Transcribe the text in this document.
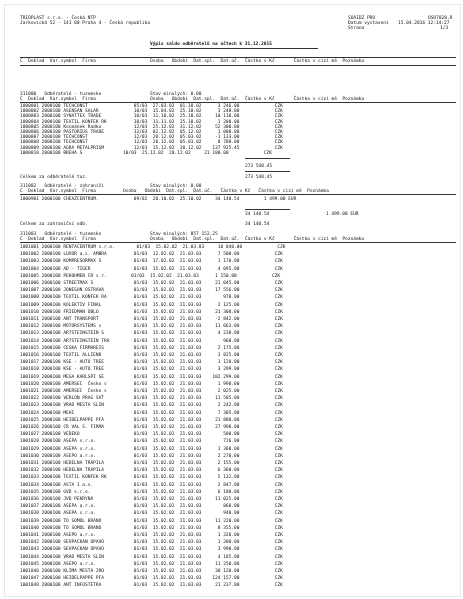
TRIOPLAST s.r.o. - Česká NTP
Jarkovická 52 - 141 00 Praha 4 - Česká republika
SOAIDZ PRO	OSO7828.R
Datum vystavení 15.04.2016 12:14:27
Strana	1/3
Výpis saldo odběratelů na účtech k 31.12.2015
C  Doklad  Var.symbol  Firma                    Osoba   Období  Dat.spl.  Dat.úč.  Částka v Kč       Částka v cizí mě  Poznámka
311000   Odběratelé - tuzemsko	Stav minulých: 0.00
C  Doklad  Var.symbol  Firma                    Osoba   Období  Dat.spl.  Dat.úč.  Částka v Kč       Částka v cizí mě  Poznámka
1000801 2000100 TECHCONST                 05/03  27.03.02  01.10.02      3 246.00             CZK
1000802 2000100 ASENSAN SALAR             10/03  15.04.02  25.10.02      3 248.00             CZK
1000803 2000100 SYNATTEX TRADE            10/03  11.10.02  25.10.02     10 110.00             CZK
1000804 2000100 TEXTIL KONFEK RK          10/03  11.11.02  25.10.02      1 200.00             CZK
1000805 2000100 Kocmánek Radko            12/03  25.12.02  31.12.02     52 300.00             CZK
1000806 2000100 PASTORIUS TRADE           12/03  02.12.02  05.12.02      1 000.00             CZK
1000807 2000100 TECHCONST                 12/03  28.12.02  05.03.02     -1 133.00             CZK
1000808 2000100 TECHCONST                 12/03  28.12.02  05.03.02      8 780.00             CZK
1000809 2000100 AGRA METALPRISM           12/03  15.12.02  20.12.02    137 925.45             CZK
1000810 2000100 BREHA S               10/03  25.12.02  20.12.02     21 180.00             CZK
273 540.45
Celkem za odběratelé tuz.	273 540.45
311002   Odběratelé - zahraničí	Stav minulých: 0.00
C  Doklad  Var.symbol  Firma          Osoba   Období  Dat.spl.  Dat.úč.   Částka v Kč   Částka v cizí mě  Poznámka
1000901 2000100 CHEAZCENTRUM.             09/02  20.10.02  25.10.02     34 140.54         1 499.00 EUR
34 140.54	1 499.00 EUR
Celkem za zahraniční odb.	34 140.54
311003   Odběratelé - tuzemsko	Stav minulých: 857 152.25
C  Doklad  Var.symbol  Firma                    Osoba   Období  Dat.spl.  Dat.úč.  Částka v Kč       Částka v cizí mě  Poznámka
1001001 2000100 RENTACENTRUM s.r.o.        01/03  15.02.02  21.03.03     10 040.00             CZK
1001002 2000100 LUXOR a.s. AMBRA          01/03  12.02.02  21.03.03      7 500.00             CZK
1001003 2000100 KOMPRESORMAX S            01/03  17.02.02  21.03.03      1 170.00             CZK
1001004 2000100 AD - TIGER                01/03  15.02.02  21.03.03      4 095.00             CZK
1001005 2000100 PEKOHMEN CR s.r.         01/03  15.02.02  21.03.03      1 150.00             CZK
1001006 2000100 STREETMAX S               01/03  15.02.02  21.03.03     21 045.00             CZK
1001007 2000100 JONESUN OSTRAVA           01/03  15.02.02  21.03.03     17 556.00             CZK
1001008 2000100 TEXTIL KONFEK RA          01/03  15.02.02  21.03.03        978.00             CZK
1001009 2000100 KOLEKTIV FINAL            01/03  15.02.02  21.03.03      2 125.00             CZK
1001010 2000100 FRIEDMAN OBLO             01/03  15.02.02  21.03.03     21 300.00             CZK
1001011 2000100 ANT TRANSPORT             01/03  15.02.02  21.03.03     -2 842.00             CZK
1001012 2000100 MOTORSYSTEMS s            01/03  15.02.02  21.03.03     11 663.00             CZK
1001013 2000100 ARTSTEINSTEIN S           01/03  15.02.02  21.03.03      4 238.00             CZK
1001014 2000100 ARTSTEINSTEIN TRA         01/03  15.02.02  21.03.03        960.00             CZK
1001015 2000100 CESKA FIRMAREIS           01/03  15.02.02  21.03.03      2 175.00             CZK
1001016 2000100 TEXTIL ALLIEND            01/03  15.02.02  21.03.03      3 825.00             CZK
1001017 2000100 KSE - AUTO TREE           01/03  15.02.02  21.03.03      1 120.00             CZK
1001018 2000100 KSE - AUTO TREE           01/03  15.02.02  21.03.03      3 299.00             CZK
1001019 2000100 MEGA KARLSPI SE           01/03  15.02.02  21.03.03    102 299.00             CZK
1001020 2000100 AMERSEC  Česko s          01/03  15.02.02  21.03.03      1 990.00             CZK
1001021 2000100 AMERSEC  Česko s          01/03  15.02.02  21.03.03      2 025.00             CZK
1001022 2000100 VERLON PRAG SVT           01/03  15.02.02  21.03.03     11 505.00             CZK
1001023 2000100 VRAD MESTA SLIN           01/03  15.02.02  21.03.03      2 242.00             CZK
1001024 2000100 MEHI                      01/03  15.02.02  21.03.03      7 305.00             CZK
1001025 2000100 HEIDELPAPPE PFA           01/03  15.02.02  21.03.03     21 880.00             CZK
1001026 2000100 CR VAL S. FIRMA           01/03  15.02.02  21.03.03     27 998.00             CZK
1001027 2000100 VEDEKO                    01/03  15.02.02  21.03.03        500.00             CZK
1001028 2000100 ASEPA s.r.o.              01/03  15.02.02  21.03.03        726.00             CZK
1001029 2000100 ASEPA s.r.o.              01/03  15.02.02  21.03.03      1 360.00             CZK
1001030 2000100 ASEPO a.r.o.              01/03  15.02.02  21.03.03      2 270.00             CZK
1001031 2000100 HEDELNA TRAPILA           01/03  15.02.02  21.03.03      2 155.00             CZK
1001032 2000100 HEDELNA TRAPILA           01/03  15.02.02  21.03.03      6 360.00             CZK
1001033 2000100 TEXTIL KONFEK RK          01/03  15.02.02  21.03.03      5 132.00             CZK
1001034 2000100 ASTA 1 a.s.               01/03  15.02.02  21.03.03      2 847.00             CZK
1001035 2000100 GVD s.r.o.                01/03  15.02.02  21.03.03      6 180.00             CZK
1001036 2000100 JVD PEKRYNA               01/03  15.02.02  21.03.03     11 025.00             CZK
1001037 2000100 ASEPA a.r.o.              01/03  15.02.02  21.03.03        860.00             CZK
1001038 2000100 ASEPA s.r.o.              01/03  15.02.02  21.03.03        940.00             CZK
1001039 2000100 TO SOMOL BRANO            01/03  15.02.02  21.03.03     11 220.00             CZK
1001040 2000100 TO SOMOL BRANO            01/03  15.02.02  21.03.03      8 355.00             CZK
1001041 2000100 ASEPO a.r.o.              01/03  15.02.02  21.03.03      1 320.00             CZK
1001042 2000100 SEVPACKAN OPAVO           01/03  15.02.02  21.03.03      1 200.00             CZK
1001043 2000100 SEVPACKAN OPAVO           01/03  15.02.02  21.03.03      3 990.00             CZK
1001044 2000100 VRAD MESTA SLIN           01/03  15.02.02  21.03.03      4 185.00             CZK
1001045 2000100 ASEPO a.r.o.              01/03  15.02.02  21.03.03     11 250.00             CZK
1001046 2000100 KLIMA MESTA 2RO           01/03  15.02.02  21.03.03     30 120.00             CZK
1001047 2000100 HEIDELPAPPE PFA           01/03  15.02.02  21.03.03    124 157.00             CZK
1001048 2000100 ANT INFOSTETRA            01/03  15.02.02  21.03.03     21 237.00             CZK
